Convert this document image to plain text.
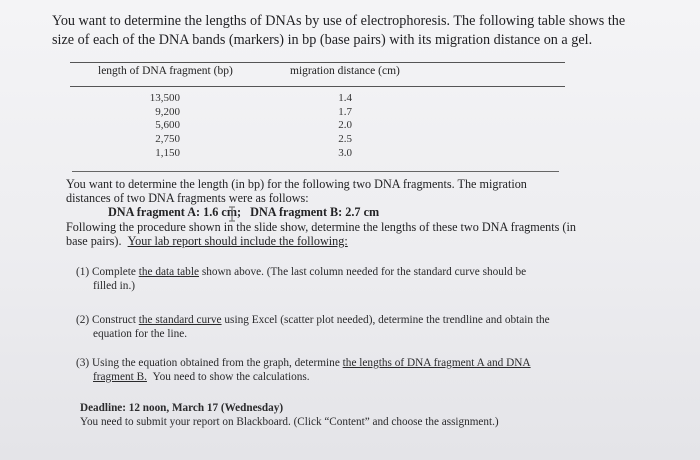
You want to determine the lengths of DNAs by use of electrophoresis. The following table shows the
size of each of the DNA bands (markers) in bp (base pairs) with its migration distance on a gel.
length of DNA fragment (bp)	migration distance (cm)
13,500
9,200
5,600
2,750
1,150
1.4
1.7
2.0
2.5
3.0
You want to determine the length (in bp) for the following two DNA fragments. The migration
distances of two DNA fragments were as follows:
DNA fragment A: 1.6 cm; DNA fragment B: 2.7 cm
Following the procedure shown in the slide show, determine the lengths of these two DNA fragments (in
base pairs). Your lab report should include the following:
(1) Complete the data table shown above. (The last column needed for the standard curve should be
filled in.)
(2) Construct the standard curve using Excel (scatter plot needed), determine the trendline and obtain the
equation for the line.
(3) Using the equation obtained from the graph, determine the lengths of DNA fragment A and DNA
fragment B. You need to show the calculations.
Deadline: 12 noon, March 17 (Wednesday)
You need to submit your report on Blackboard. (Click “Content” and choose the assignment.)
